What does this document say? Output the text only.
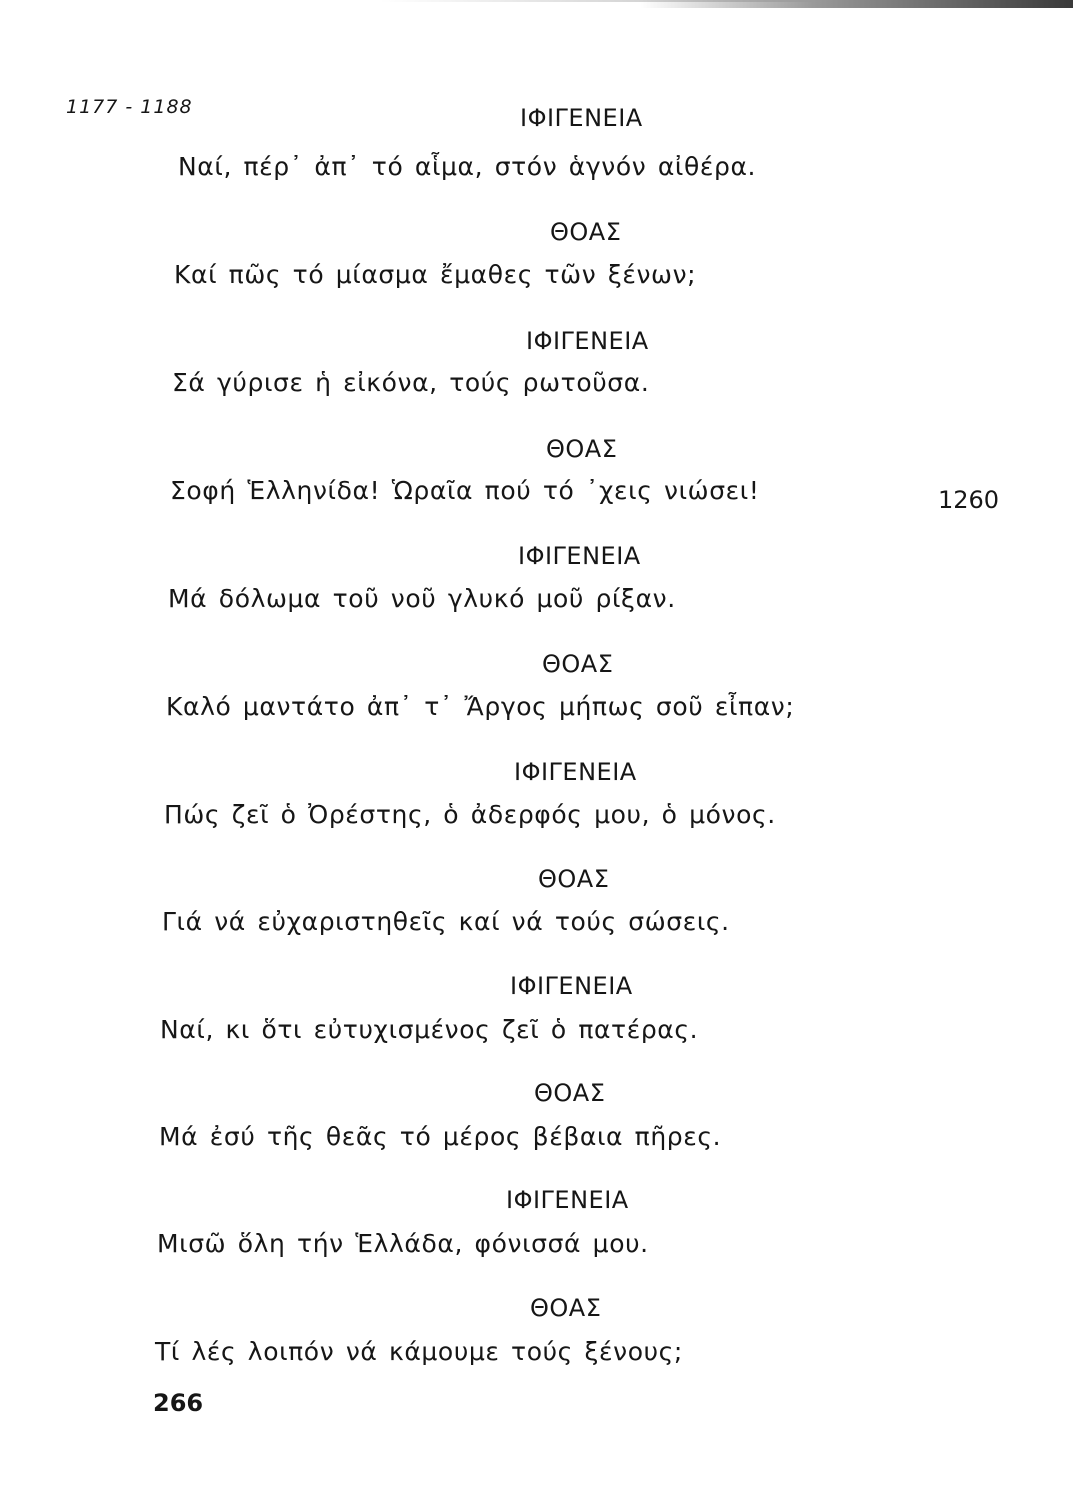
1177 - 1188	ΙΦΙΓΕΝΕΙΑ
Ναί, πέρ᾽ ἀπ᾽ τό αἷμα, στόν ἁγνόν αἰθέρα.
ΘΟΑΣ
Καί πῶς τό μίασμα ἔμαθες τῶν ξένων;
ΙΦΙΓΕΝΕΙΑ
Σά γύρισε ἡ εἰκόνα, τούς ρωτοῦσα.
ΘΟΑΣ
Σοφή Ἑλληνίδα! Ὡραῖα πού τό ᾽χεις νιώσει!
ΙΦΙΓΕΝΕΙΑ
Μά δόλωμα τοῦ νοῦ γλυκό μοῦ ρίξαν.
ΘΟΑΣ
Καλό μαντάτο ἀπ᾽ τ᾽ Ἄργος μήπως σοῦ εἶπαν;
ΙΦΙΓΕΝΕΙΑ
Πώς ζεῖ ὁ Ὀρέστης, ὁ ἀδερφός μου, ὁ μόνος.
ΘΟΑΣ
Γιά νά εὐχαριστηθεῖς καί νά τούς σώσεις.
ΙΦΙΓΕΝΕΙΑ
Ναί, κι ὅτι εὐτυχισμένος ζεῖ ὁ πατέρας.
ΘΟΑΣ
Μά ἐσύ τῆς θεᾶς τό μέρος βέβαια πῆρες.
ΙΦΙΓΕΝΕΙΑ
Μισῶ ὅλη τήν Ἑλλάδα, φόνισσά μου.
ΘΟΑΣ
Τί λές λοιπόν νά κάμουμε τούς ξένους;
1260
266
